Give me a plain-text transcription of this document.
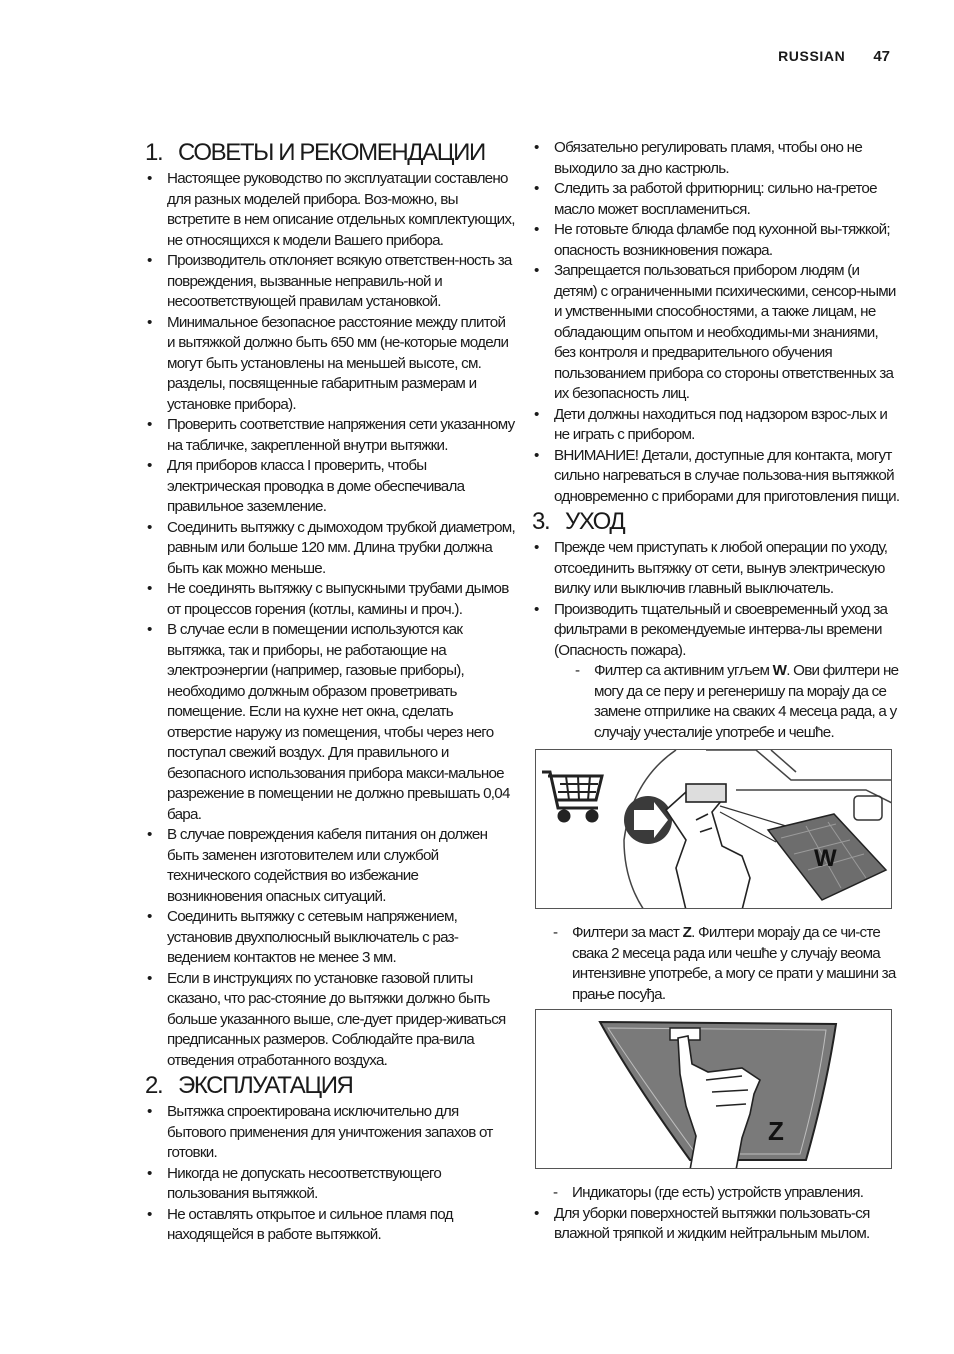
RUSSIAN 47
1. СОВЕТЫ И РЕКОМЕНДАЦИИ
• Настоящее руководство по эксплуатации составлено для разных моделей прибора. Воз-можно, вы встретите в нем описание отдельных комплектующих, не относящихся к модели Вашего прибора.
• Производитель отклоняет всякую ответствен-ность за повреждения, вызванные неправиль-ной и несоответствующей правилам установкой.
• Минимальное безопасное расстояние между плитой и вытяжкой должно быть 650 мм (не-которые модели могут быть установлены на меньшей высоте, см. разделы, посвященные габаритным размерам и установке прибора).
• Проверить соответствие напряжения сети указанному на табличке, закрепленной внутри вытяжки.
• Для приборов класса I проверить, чтобы электрическая проводка в доме обеспечивала правильное заземление.
• Соединить вытяжку с дымоходом трубкой диаметром, равным или больше 120 мм. Длина трубки должна быть как можно меньше.
• Не соединять вытяжку с выпускными трубами дымов от процессов горения (котлы, камины и проч.).
• В случае если в помещении используются как вытяжка, так и приборы, не работающие на электроэнергии (например, газовые приборы), необходимо должным образом проветривать помещение. Если на кухне нет окна, сделать отверстие наружу из помещения, чтобы через него поступал свежий воздух. Для правильного и безопасного использования прибора макси-мальное разрежение в помещении не должно превышать 0,04 бара.
• В случае повреждения кабеля питания он должен быть заменен изготовителем или службой технического содействия во избежание возникновения опасных ситуаций.
• Соединить вытяжку с сетевым напряжением, установив двухполюсный выключатель с раз-ведением контактов не менее 3 мм.
• Если в инструкциях по установке газовой плиты сказано, что рас-стояние до вытяжки должно быть больше указанного выше, сле-дует придер-живаться предписанных размеров. Соблюдайте пра-вила отведения отработанного воздуха.
2. ЭКСПЛУАТАЦИЯ
• Вытяжка спроектирована исключительно для бытового применения для уничтожения запахов от готовки.
• Никогда не допускать несоответствующего пользования вытяжкой.
• Не оставлять открытое и сильное пламя под находящейся в работе вытяжкой.
• Обязательно регулировать пламя, чтобы оно не выходило за дно кастрюль.
• Следить за работой фритюрниц: сильно на-гретое масло может воспламениться.
• Не готовьте блюда фламбе под кухонной вы-тяжкой; опасность возникновения пожара.
• Запрещается пользоваться прибором людям (и детям) с ограниченными психическими, сенсор-ными и умственными способностями, а также лицам, не обладающим опытом и необходимы-ми знаниями, без контроля и предварительного обучения пользованием прибора со стороны ответственных за их безопасность лиц.
• Дети должны находиться под надзором взрос-лых и не играть с прибором.
• ВНИМАНИЕ! Детали, доступные для контакта, могут сильно нагреваться в случае пользова-ния вытяжкой одновременно с приборами для приготовления пищи.
3. УХОД
• Прежде чем приступать к любой операции по уходу, отсоединить вытяжку от сети, вынув электрическую вилку или выключив главный выключатель.
• Производить тщательный и своевременный уход за фильтрами в рекомендуемые интерва-лы времени (Опасность пожара).
- Филтер са активним угљем W. Ови филтери не могу да се перу и регенеришу па морају да се замене отприлике на сваких 4 месеца рада, а у случају учесталије употребе и чешће.
W
- Филтери за маст Z. Филтери морају да се чи-сте свака 2 месеца рада или чешће у случају веома интензивне употребе, а могу се прати у машини за прање посуђа.
Z
- Индикаторы (где есть) устройств управления.
• Для уборки поверхностей вытяжки пользовать-ся влажной тряпкой и жидким нейтральным мылом.
